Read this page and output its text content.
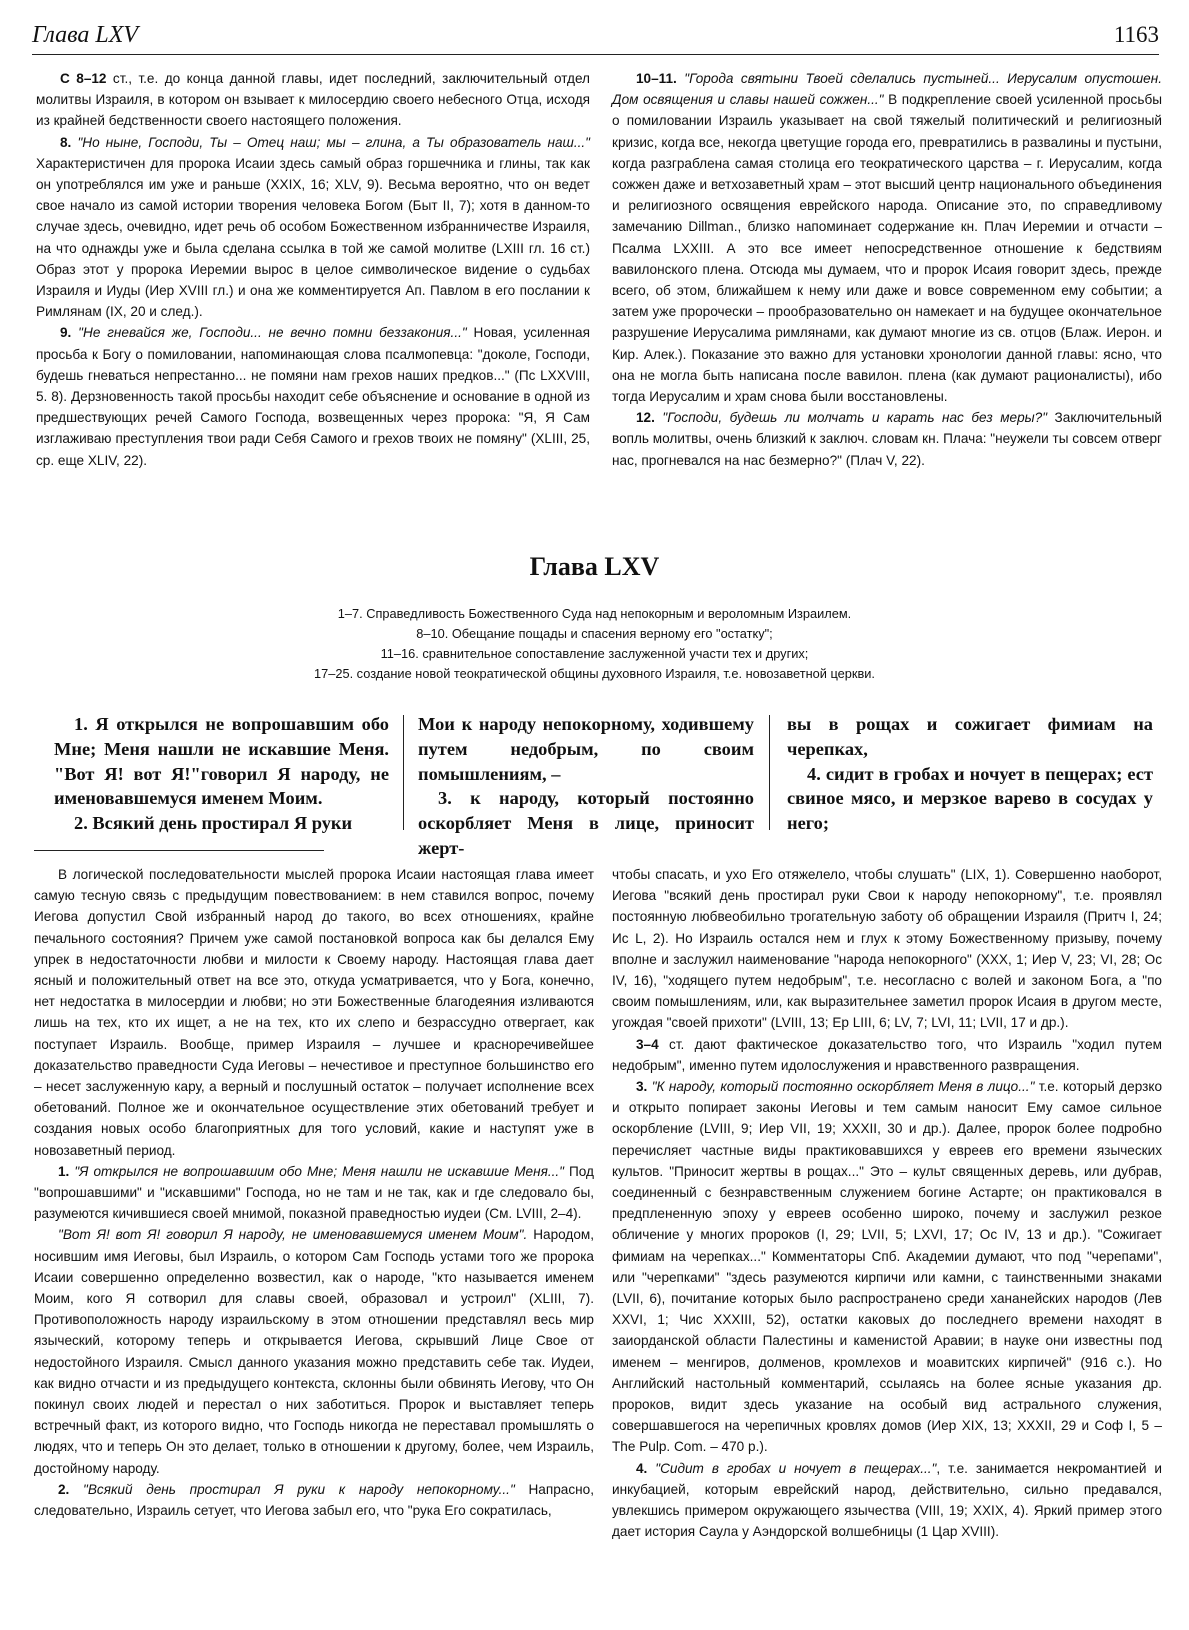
Глава LXV	1163

С 8–12 ст., т.е. до конца данной главы, идет последний, заключительный отдел молитвы Израиля, в котором он взывает к милосердию своего небесного Отца, исходя из крайней бедственности своего настоящего положения.

8. "Но ныне, Господи, Ты – Отец наш; мы – глина, а Ты образователь наш..." Характеристичен для пророка Исаии здесь самый образ горшечника и глины, так как он употреблялся им уже и раньше (XXIX, 16; XLV, 9). Весьма вероятно, что он ведет свое начало из самой истории творения человека Богом (Быт II, 7); хотя в данном-то случае здесь, очевидно, идет речь об особом Божественном избранничестве Израиля, на что однажды уже и была сделана ссылка в той же самой молитве (LXIII гл. 16 ст.) Образ этот у пророка Иеремии вырос в целое символическое видение о судьбах Израиля и Иуды (Иер XVIII гл.) и она же комментируется Ап. Павлом в его послании к Римлянам (IX, 20 и след.).

9. "Не гневайся же, Господи... не вечно помни беззакония..." Новая, усиленная просьба к Богу о помиловании, напоминающая слова псалмопевца: "доколе, Господи, будешь гневаться непрестанно... не помяни нам грехов наших предков..." (Пс LXXVIII, 5. 8). Дерзновенность такой просьбы находит себе объяснение и основание в одной из предшествующих речей Самого Господа, возвещенных через пророка: "Я, Я Сам изглаживаю преступления твои ради Себя Самого и грехов твоих не помяну" (XLIII, 25, ср. еще XLIV, 22).

10–11. "Города святыни Твоей сделались пустыней... Иерусалим опустошен. Дом освящения и славы нашей сожжен..." В подкрепление своей усиленной просьбы о помиловании Израиль указывает на свой тяжелый политический и религиозный кризис, когда все, некогда цветущие города его, превратились в развалины и пустыни, когда разграблена самая столица его теократического царства – г. Иерусалим, когда сожжен даже и ветхозаветный храм – этот высший центр национального объединения и религиозного освящения еврейского народа. Описание это, по справедливому замечанию Dillman., близко напоминает содержание кн. Плач Иеремии и отчасти – Псалма LXXIII. А это все имеет непосредственное отношение к бедствиям вавилонского плена. Отсюда мы думаем, что и пророк Исаия говорит здесь, прежде всего, об этом, ближайшем к нему или даже и вовсе современном ему событии; а затем уже пророчески – прообразовательно он намекает и на будущее окончательное разрушение Иерусалима римлянами, как думают многие из св. отцов (Блаж. Иерон. и Кир. Алек.). Показание это важно для установки хронологии данной главы: ясно, что она не могла быть написана после вавилон. плена (как думают рационалисты), ибо тогда Иерусалим и храм снова были восстановлены.

12. "Господи, будешь ли молчать и карать нас без меры?" Заключительный вопль молитвы, очень близкий к заключ. словам кн. Плача: "неужели ты совсем отверг нас, прогневался на нас безмерно?" (Плач V, 22).

Глава LXV
1–7. Справедливость Божественного Суда над непокорным и вероломным Израилем.
8–10. Обещание пощады и спасения верному его "остатку";
11–16. сравнительное сопоставление заслуженной участи тех и других;
17–25. создание новой теократической общины духовного Израиля, т.е. новозаветной церкви.

1. Я открылся не вопрошавшим обо Мне; Меня нашли не искавшие Меня. "Вот Я! вот Я!"говорил Я народу, не именовавшемуся именем Моим.

2. Всякий день простирал Я руки

Мои к народу непокорному, ходившему путем недобрым, по своим помышлениям, –

3. к народу, который постоянно оскорбляет Меня в лице, приносит жерт-

вы в рощах и сожигает фимиам на черепках,

4. сидит в гробах и ночует в пещерах; ест свиное мясо, и мерзкое варево в сосудах у него;

В логической последовательности мыслей пророка Исаии настоящая глава имеет самую тесную связь с предыдущим повествованием: в нем ставился вопрос, почему Иегова допустил Свой избранный народ до такого, во всех отношениях, крайне печального состояния? Причем уже самой постановкой вопроса как бы делался Ему упрек в недостаточности любви и милости к Своему народу. Настоящая глава дает ясный и положительный ответ на все это, откуда усматривается, что у Бога, конечно, нет недостатка в милосердии и любви; но эти Божественные благодеяния изливаются лишь на тех, кто их ищет, а не на тех, кто их слепо и безрассудно отвергает, как поступает Израиль. Вообще, пример Израиля – лучшее и красноречивейшее доказательство праведности Суда Иеговы – нечестивое и преступное большинство его – несет заслуженную кару, а верный и послушный остаток – получает исполнение всех обетований. Полное же и окончательное осуществление этих обетований требует и создания новых особо благоприятных для того условий, какие и наступят уже в новозаветный период.

1. "Я открылся не вопрошавшим обо Мне; Меня нашли не искавшие Меня..." Под "вопрошавшими" и "искавшими" Господа, но не там и не так, как и где следовало бы, разумеются кичившиеся своей мнимой, показной праведностью иудеи (См. LVIII, 2–4).

"Вот Я! вот Я! говорил Я народу, не именовавшемуся именем Моим". Народом, носившим имя Иеговы, был Израиль, о котором Сам Господь устами того же пророка Исаии совершенно определенно возвестил, как о народе, "кто называется именем Моим, кого Я сотворил для славы своей, образовал и устроил" (XLIII, 7). Противоположность народу израильскому в этом отношении представлял весь мир языческий, которому теперь и открывается Иегова, скрывший Лице Свое от недостойного Израиля. Смысл данного указания можно представить себе так. Иудеи, как видно отчасти и из предыдущего контекста, склонны были обвинять Иегову, что Он покинул своих людей и перестал о них заботиться. Пророк и выставляет теперь встречный факт, из которого видно, что Господь никогда не переставал промышлять о людях, что и теперь Он это делает, только в отношении к другому, более, чем Израиль, достойному народу.

2. "Всякий день простирал Я руки к народу непокорному..." Напрасно, следовательно, Израиль сетует, что Иегова забыл его, что "рука Его сократилась,

чтобы спасать, и ухо Его отяжелело, чтобы слушать" (LIX, 1). Совершенно наоборот, Иегова "всякий день простирал руки Свои к народу непокорному", т.е. проявлял постоянную любвеобильно трогательную заботу об обращении Израиля (Притч I, 24; Ис L, 2). Но Израиль остался нем и глух к этому Божественному призыву, почему вполне и заслужил наименование "народа непокорного" (XXX, 1; Иер V, 23; VI, 28; Ос IV, 16), "ходящего путем недобрым", т.е. несогласно с волей и законом Бога, а "по своим помышлениям, или, как выразительнее заметил пророк Исаия в другом месте, угождая "своей прихоти" (LVIII, 13; Ер LIII, 6; LV, 7; LVI, 11; LVII, 17 и др.).

3–4 ст. дают фактическое доказательство того, что Израиль "ходил путем недобрым", именно путем идолослужения и нравственного развращения.

3. "К народу, который постоянно оскорбляет Меня в лицо..." т.е. который дерзко и открыто попирает законы Иеговы и тем самым наносит Ему самое сильное оскорбление (LVIII, 9; Иер VII, 19; XXXII, 30 и др.). Далее, пророк более подробно перечисляет частные виды практиковавшихся у евреев его времени языческих культов. "Приносит жертвы в рощах..." Это – культ священных деревь, или дубрав, соединенный с безнравственным служением богине Астарте; он практиковался в предплененную эпоху у евреев особенно широко, почему и заслужил резкое обличение у многих пророков (I, 29; LVII, 5; LXVI, 17; Ос IV, 13 и др.). "Сожигает фимиам на черепках..." Комментаторы Спб. Академии думают, что под "черепами", или "черепками" "здесь разумеются кирпичи или камни, с таинственными знаками (LVII, 6), почитание которых было распространено среди хананейских народов (Лев XXVI, 1; Чис XXXIII, 52), остатки каковых до последнего времени находят в заиорданской области Палестины и каменистой Аравии; в науке они известны под именем – менгиров, долменов, кромлехов и моавитских кирпичей" (916 с.). Но Английский настольный комментарий, ссылаясь на более ясные указания др. пророков, видит здесь указание на особый вид астрального служения, совершавшегося на черепичных кровлях домов (Иер XIX, 13; XXXII, 29 и Соф I, 5 – The Pulp. Com. – 470 p.).

4. "Сидит в гробах и ночует в пещерах...", т.е. занимается некромантией и инкубацией, которым еврейский народ, действительно, сильно предавался, увлекшись примером окружающего язычества (VIII, 19; XXIX, 4). Яркий пример этого дает история Саула у Аэндорской волшебницы (1 Цар XVIII).
